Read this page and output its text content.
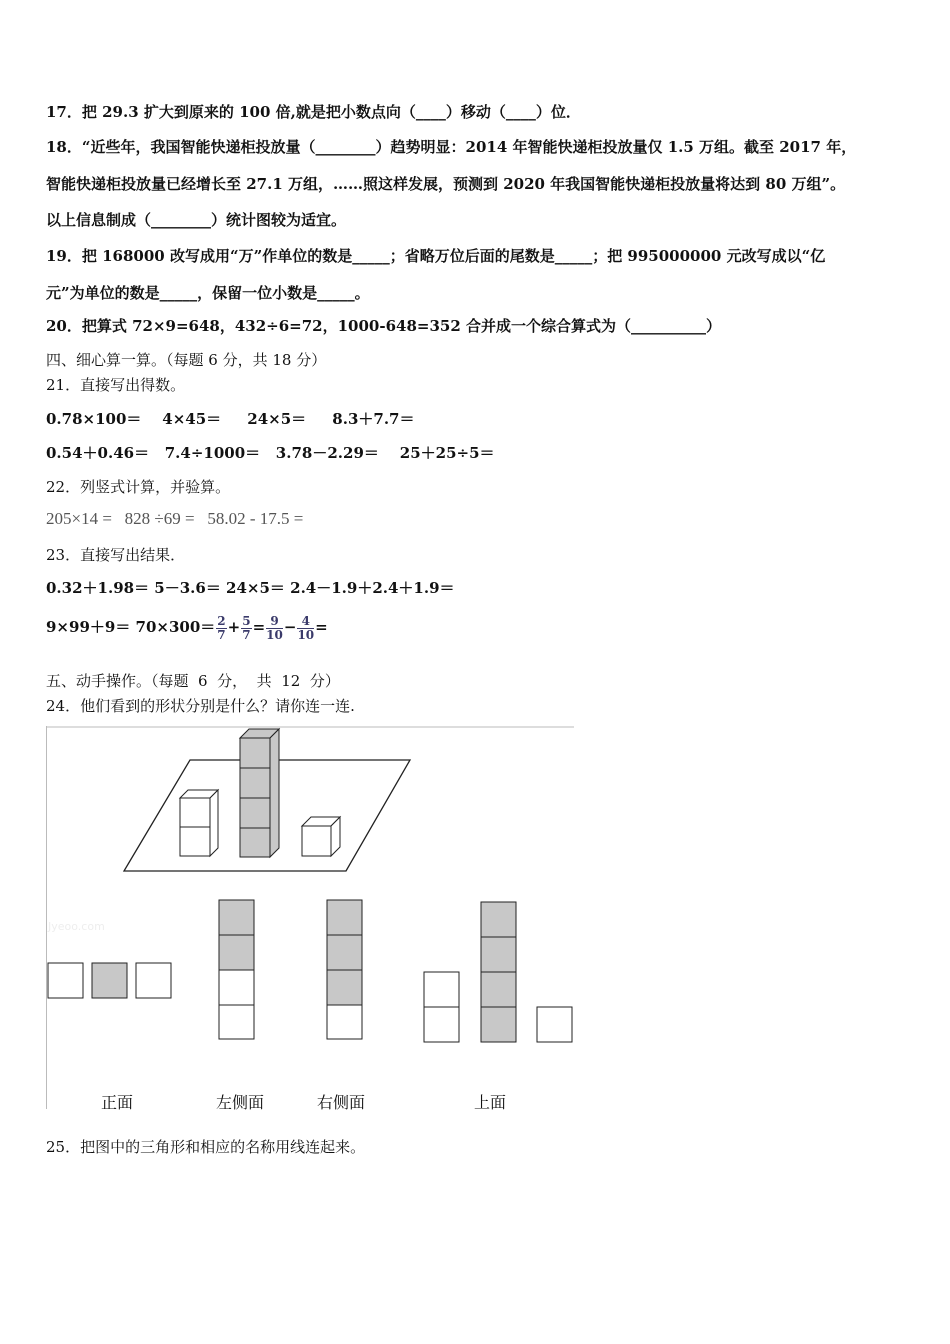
17．把 29.3 扩大到原来的 100 倍,就是把小数点向（____）移动（____）位．
18．“近些年，我国智能快递柜投放量（________）趋势明显：2014 年智能快递柜投放量仅 1.5 万组。截至 2017 年，
智能快递柜投放量已经增长至 27.1 万组，……照这样发展，预测到 2020 年我国智能快递柜投放量将达到 80 万组”。
以上信息制成（________）统计图较为适宜。
19．把 168000 改写成用“万”作单位的数是_____；省略万位后面的尾数是_____；把 995000000 元改写成以“亿
元”为单位的数是_____，保留一位小数是_____。
20．把算式 72×9=648，432÷6=72，1000-648=352 合并成一个综合算式为（__________）
四、细心算一算。（每题 6 分，共 18 分）
21．直接写出得数。
0.78×100＝    4×45＝     24×5＝     8.3＋7.7＝
0.54＋0.46＝   7.4÷1000＝   3.78－2.29＝    25＋25÷5＝
22．列竖式计算，并验算。
205×14 =   828 ÷69 =   58.02 - 17.5 =
23．直接写出结果．
0.32＋1.98＝ 5－3.6＝ 24×5＝ 2.4－1.9＋2.4＋1.9＝
$9\times 99+9= 70\times 300= \frac{2}{7} + \frac{5}{7} = \frac{9}{10} - \frac{4}{10}$ =
五、动手操作。（每题  6  分，  共  12  分）
24．他们看到的形状分别是什么？请你连一连.
Jyeoo.com
正面	左侧面	右侧面	上面
25．把图中的三角形和相应的名称用线连起来。
